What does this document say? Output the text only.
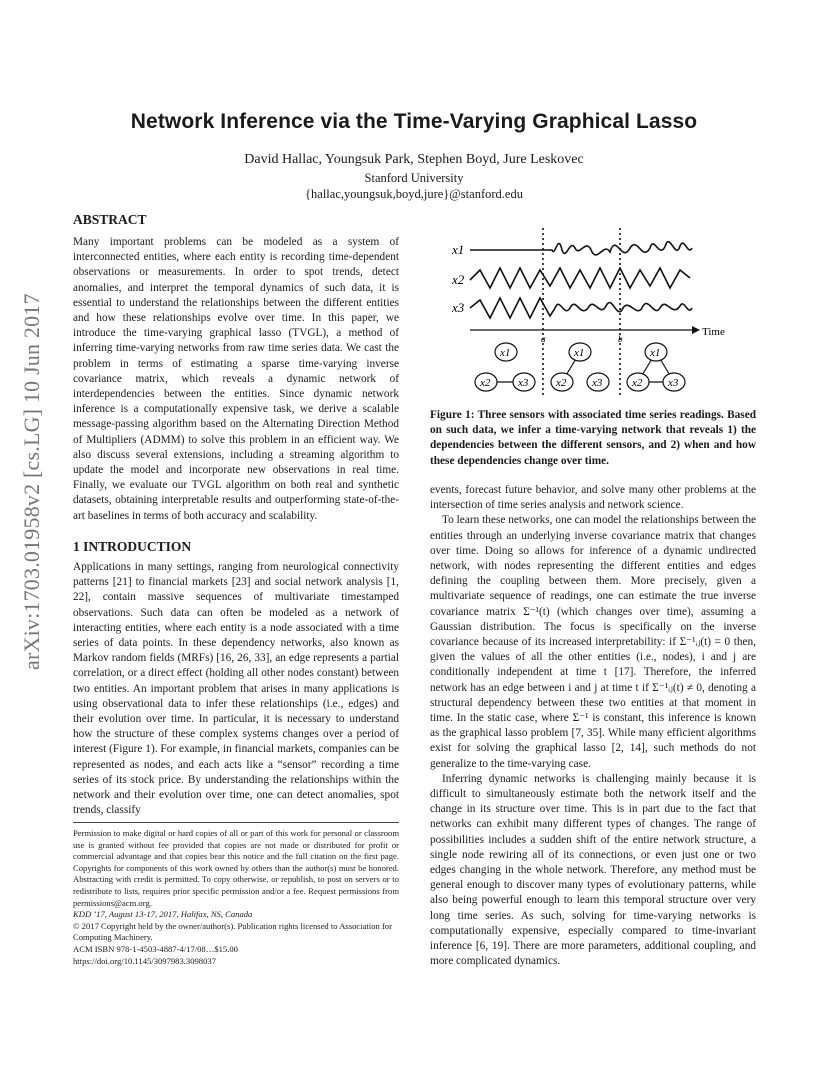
arXiv:1703.01958v2 [cs.LG] 10 Jun 2017
Network Inference via the Time-Varying Graphical Lasso
David Hallac, Youngsuk Park, Stephen Boyd, Jure Leskovec
Stanford University
{hallac,youngsuk,boyd,jure}@stanford.edu
ABSTRACT

Many important problems can be modeled as a system of interconnected entities, where each entity is recording time-dependent observations or measurements. In order to spot trends, detect anomalies, and interpret the temporal dynamics of such data, it is essential to understand the relationships between the different entities and how these relationships evolve over time. In this paper, we introduce the time-varying graphical lasso (TVGL), a method of inferring time-varying networks from raw time series data. We cast the problem in terms of estimating a sparse time-varying inverse covariance matrix, which reveals a dynamic network of interdependencies between the entities. Since dynamic network inference is a computationally expensive task, we derive a scalable message-passing algorithm based on the Alternating Direction Method of Multipliers (ADMM) to solve this problem in an efficient way. We also discuss several extensions, including a streaming algorithm to update the model and incorporate new observations in real time. Finally, we evaluate our TVGL algorithm on both real and synthetic datasets, obtaining interpretable results and outperforming state-of-the-art baselines in terms of both accuracy and scalability.

1 INTRODUCTION

Applications in many settings, ranging from neurological connectivity patterns [21] to financial markets [23] and social network analysis [1, 22], contain massive sequences of multivariate timestamped observations. Such data can often be modeled as a network of interacting entities, where each entity is a node associated with a time series of data points. In these dependency networks, also known as Markov random fields (MRFs) [16, 26, 33], an edge represents a partial correlation, or a direct effect (holding all other nodes constant) between two entities. An important problem that arises in many applications is using observational data to infer these relationships (i.e., edges) and their evolution over time. In particular, it is necessary to understand how the structure of these complex systems changes over a period of interest (Figure 1). For example, in financial markets, companies can be represented as nodes, and each acts like a “sensor” recording a time series of its stock price. By understanding the relationships within the network and their evolution over time, one can detect anomalies, spot trends, classify

Permission to make digital or hard copies of all or part of this work for personal or classroom use is granted without fee provided that copies are not made or distributed for profit or commercial advantage and that copies bear this notice and the full citation on the first page. Copyrights for components of this work owned by others than the author(s) must be honored. Abstracting with credit is permitted. To copy otherwise, or republish, to post on servers or to redistribute to lists, requires prior specific permission and/or a fee. Request permissions from permissions@acm.org.

KDD ’17, August 13-17, 2017, Halifax, NS, Canada

© 2017 Copyright held by the owner/author(s). Publication rights licensed to Association for Computing Machinery.

ACM ISBN 978-1-4503-4887-4/17/08…$15.00

https://doi.org/10.1145/3097983.3098037

x1
x2
x3
Time
a	b
x1
x2	x3
x1
x2 x3
x1
x2 x3
Figure 1: Three sensors with associated time series readings. Based on such data, we infer a time-varying network that reveals 1) the dependencies between the different sensors, and 2) when and how these dependencies change over time.

events, forecast future behavior, and solve many other problems at the intersection of time series analysis and network science.

To learn these networks, one can model the relationships between the entities through an underlying inverse covariance matrix that changes over time. Doing so allows for inference of a dynamic undirected network, with nodes representing the different entities and edges defining the coupling between them. More precisely, given a multivariate sequence of readings, one can estimate the true inverse covariance matrix Σ⁻¹(t) (which changes over time), assuming a Gaussian distribution. The focus is specifically on the inverse covariance because of its increased interpretability: if Σ⁻¹ᵢⱼ(t) = 0 then, given the values of all the other entities (i.e., nodes), i and j are conditionally independent at time t [17]. Therefore, the inferred network has an edge between i and j at time t if Σ⁻¹ᵢⱼ(t) ≠ 0, denoting a structural dependency between these two entities at that moment in time. In the static case, where Σ⁻¹ is constant, this inference is known as the graphical lasso problem [7, 35]. While many efficient algorithms exist for solving the graphical lasso [2, 14], such methods do not generalize to the time-varying case.

Inferring dynamic networks is challenging mainly because it is difficult to simultaneously estimate both the network itself and the change in its structure over time. This is in part due to the fact that networks can exhibit many different types of changes. The range of possibilities includes a sudden shift of the entire network structure, a single node rewiring all of its connections, or even just one or two edges changing in the whole network. Therefore, any method must be general enough to discover many types of evolutionary patterns, while also being powerful enough to learn this temporal structure over very long time series. As such, solving for time-varying networks is computationally expensive, especially compared to time-invariant inference [6, 19]. There are more parameters, additional coupling, and more complicated dynamics.
